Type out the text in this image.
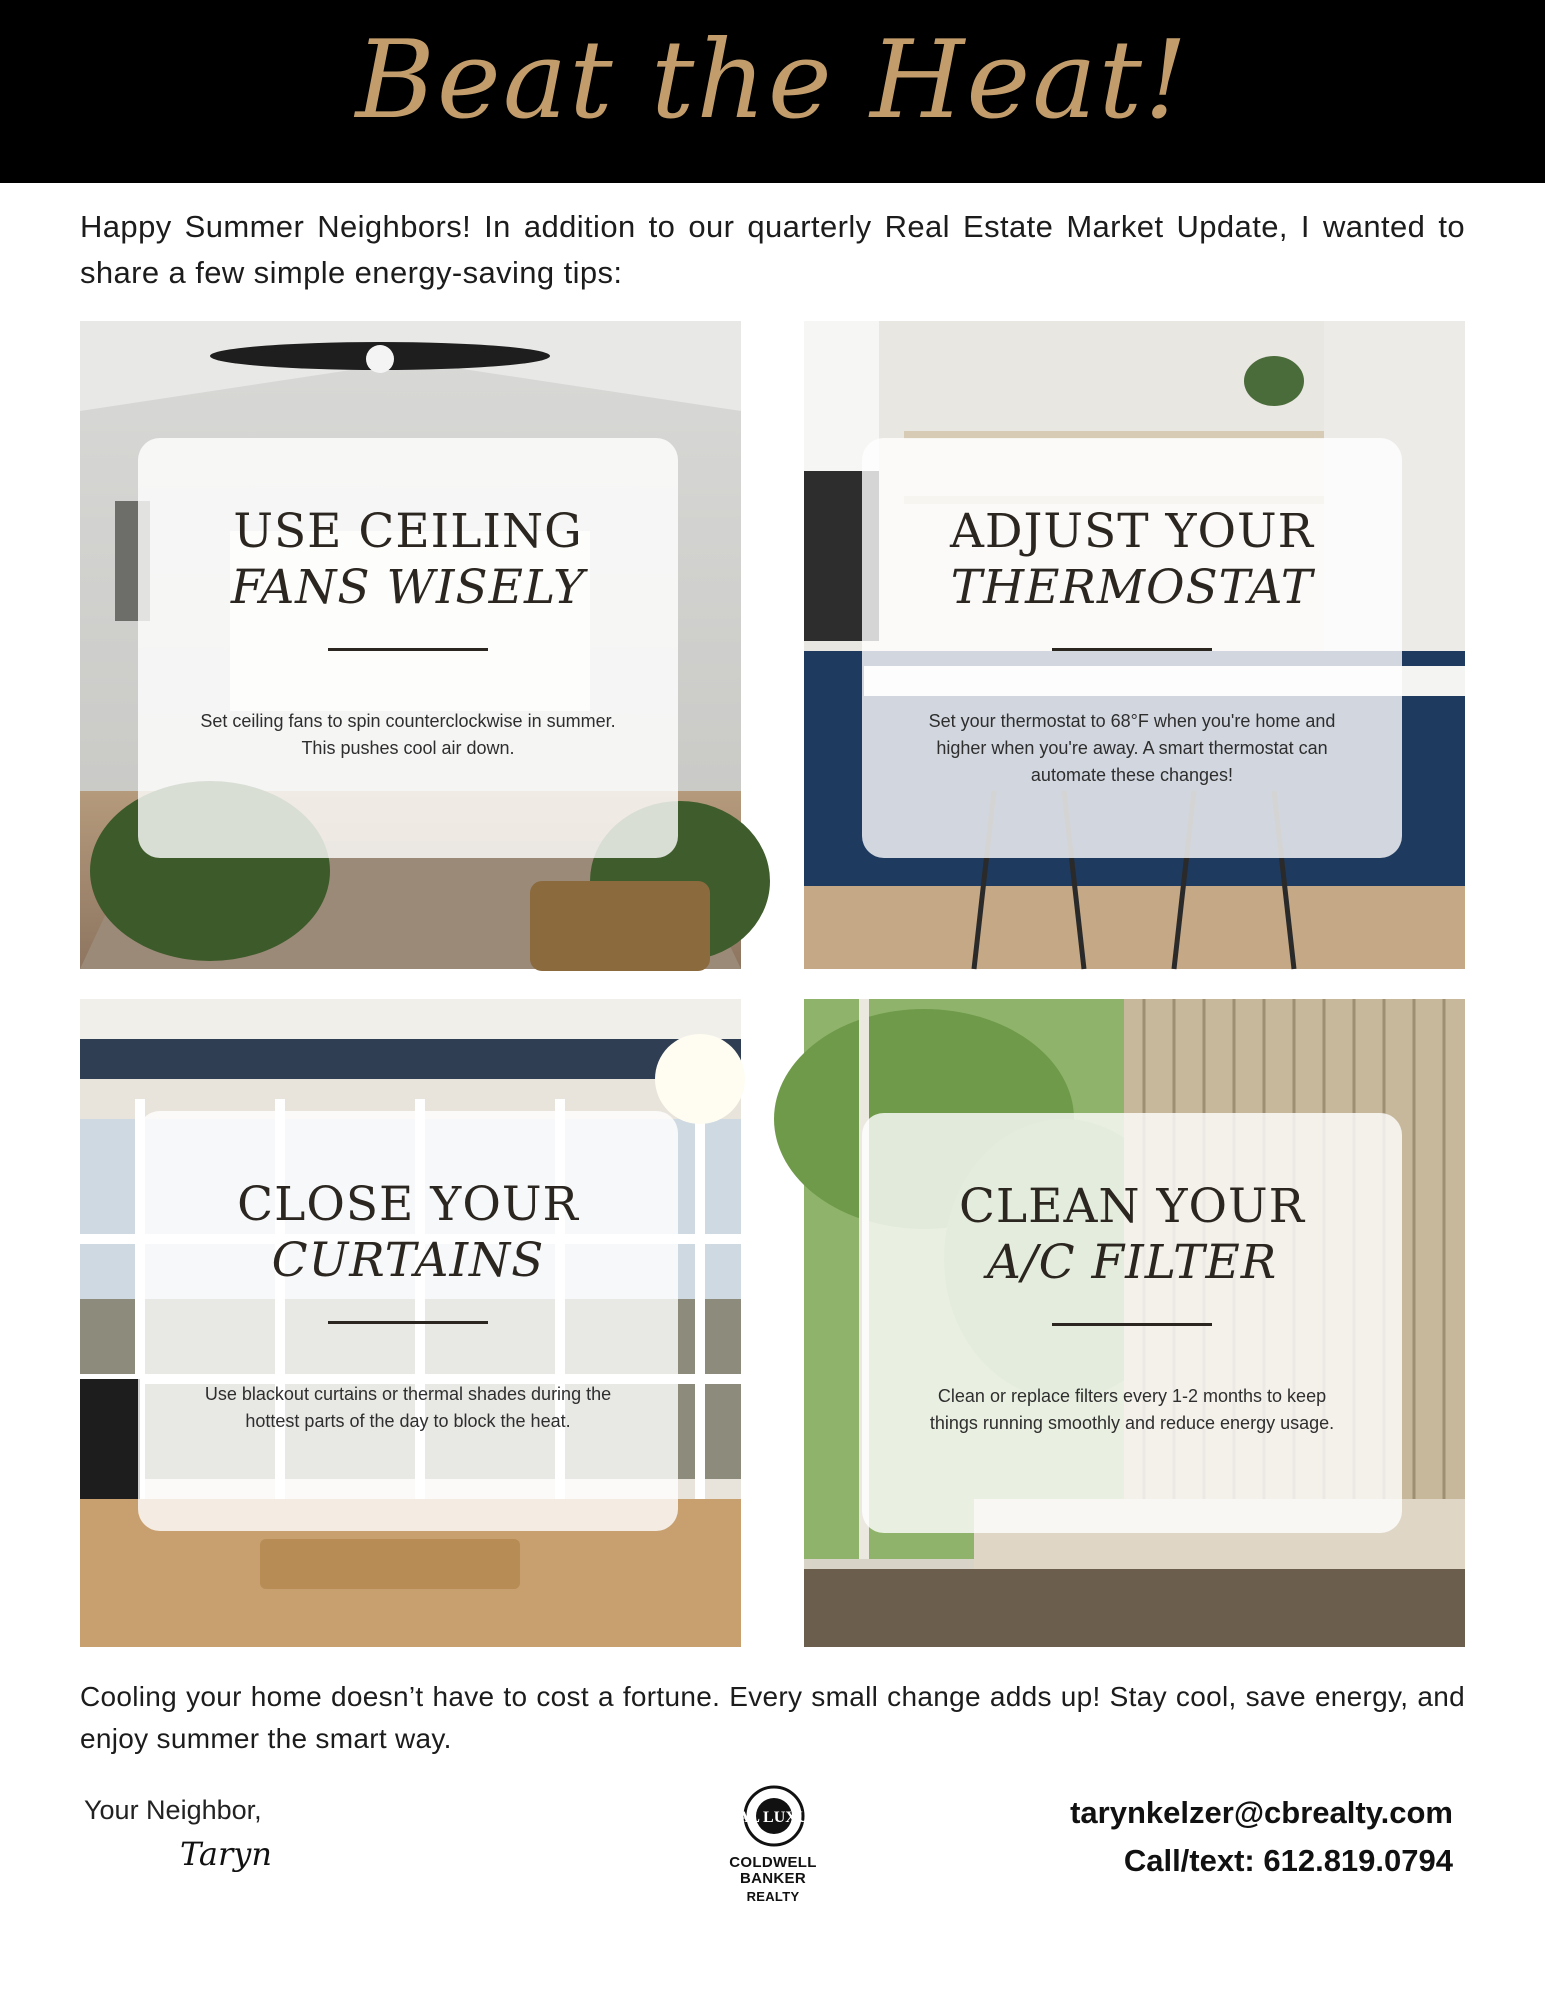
Beat the Heat!

Happy Summer Neighbors! In addition to our quarterly Real Estate Market Update, I wanted to share a few simple energy-saving tips:

USE CEILING
FANS WISELY
Set ceiling fans to spin counterclockwise in summer. This pushes cool air down.
ADJUST YOUR
THERMOSTAT
Set your thermostat to 68°F when you're home and higher when you're away. A smart thermostat can automate these changes!
CLOSE YOUR
CURTAINS
Use blackout curtains or thermal shades during the hottest parts of the day to block the heat.
CLEAN YOUR
A/C FILTER
Clean or replace filters every 1-2 months to keep things running smoothly and reduce energy usage.

Cooling your home doesn’t have to cost a fortune. Every small change adds up! Stay cool, save energy, and enjoy summer the smart way.

Your Neighbor,
Taryn
GLOBAL LUXURY CB
COLDWELL
BANKER
REALTY
tarynkelzer@cbrealty.com
Call/text: 612.819.0794
